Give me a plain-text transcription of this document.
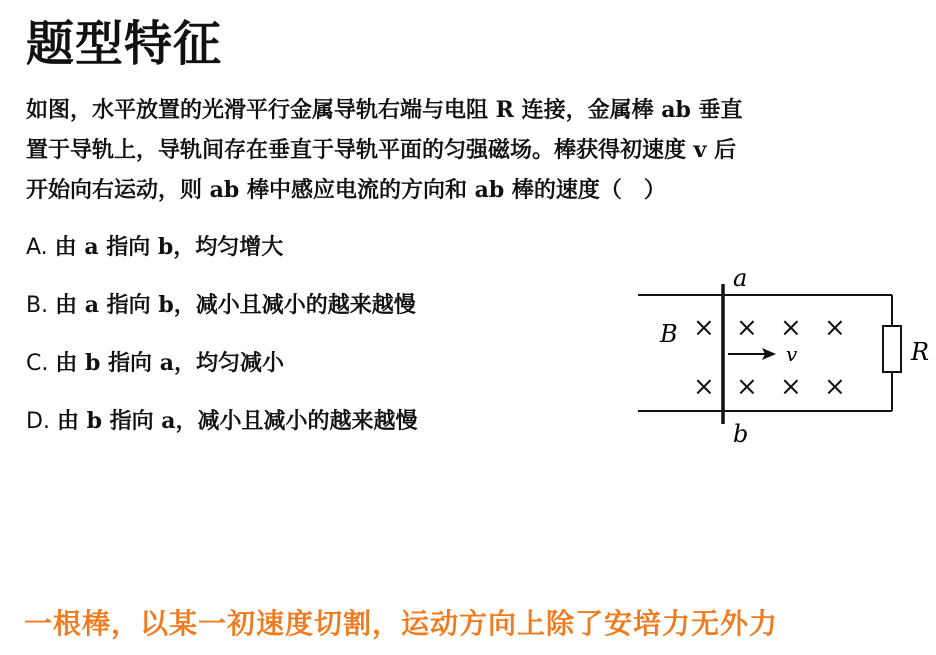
题型特征
如图，水平放置的光滑平行金属导轨右端与电阻 R 连接，金属棒 ab 垂直
置于导轨上，导轨间存在垂直于导轨平面的匀强磁场。棒获得初速度 v 后
开始向右运动，则 ab 棒中感应电流的方向和 ab 棒的速度（　）
A. 由 a 指向 b，均匀增大
B. 由 a 指向 b，减小且减小的越来越慢
C. 由 b 指向 a，均匀减小
D. 由 b 指向 a，减小且减小的越来越慢
a
b
B
R
v
× × × ×
× × × ×
一根棒，以某一初速度切割，运动方向上除了安培力无外力
